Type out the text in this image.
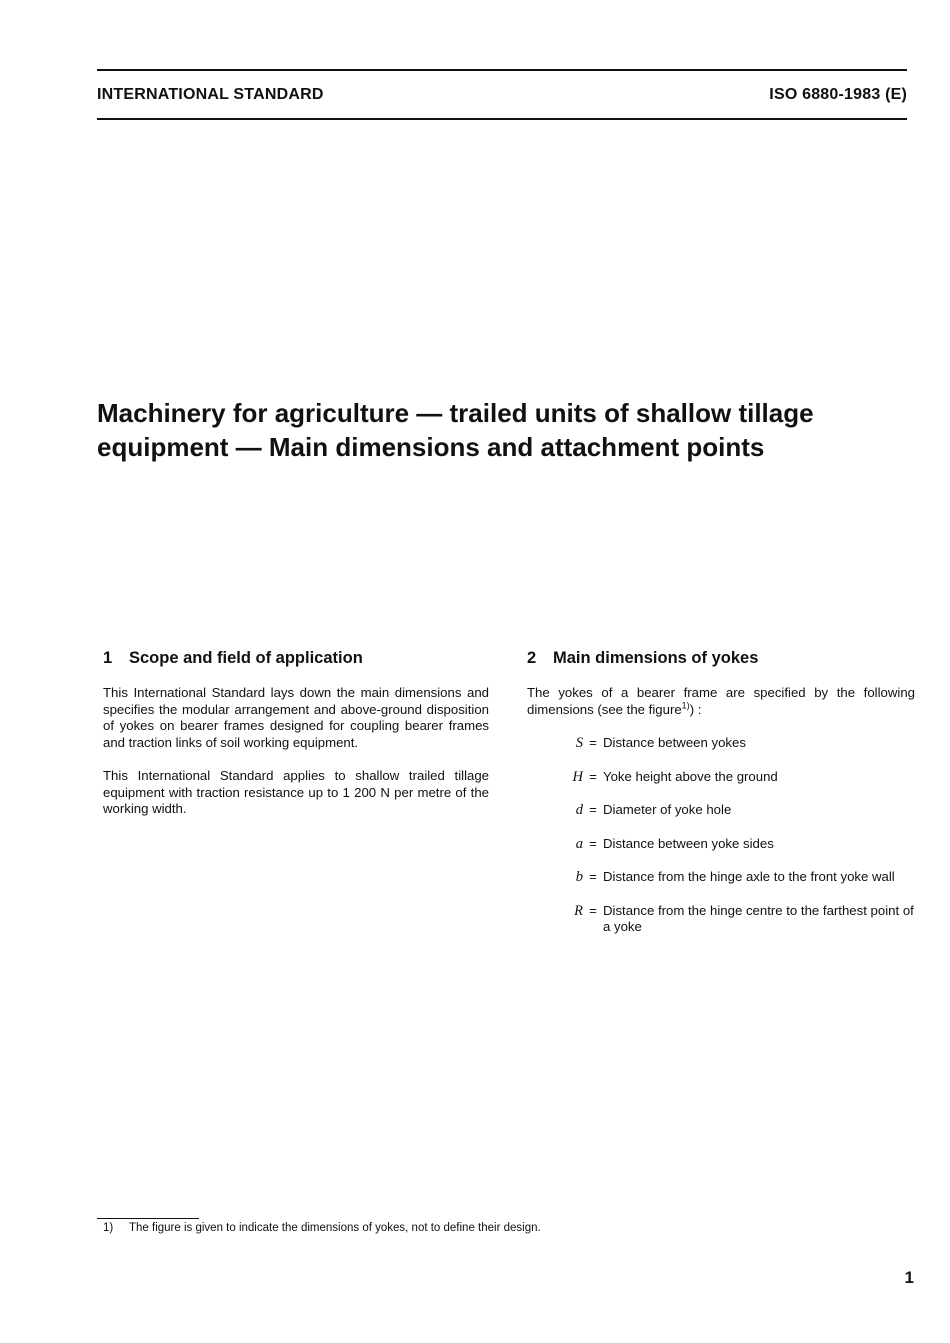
INTERNATIONAL STANDARD	ISO 6880-1983 (E)
Machinery for agriculture — trailed units of shallow tillage equipment — Main dimensions and attachment points
1 Scope and field of application

This International Standard lays down the main dimensions and specifies the modular arrangement and above-ground disposition of yokes on bearer frames designed for coupling bearer frames and traction links of soil working equipment.

This International Standard applies to shallow trailed tillage equipment with traction resistance up to 1 200 N per metre of the working width.

2 Main dimensions of yokes

The yokes of a bearer frame are specified by the following dimensions (see the figure$^{1)}$) :

S = Distance between yokes
H = Yoke height above the ground
d = Diameter of yoke hole
a = Distance between yoke sides
b = Distance from the hinge axle to the front yoke wall
R = Distance from the hinge centre to the farthest point of a yoke
1) The figure is given to indicate the dimensions of yokes, not to define their design.
1
